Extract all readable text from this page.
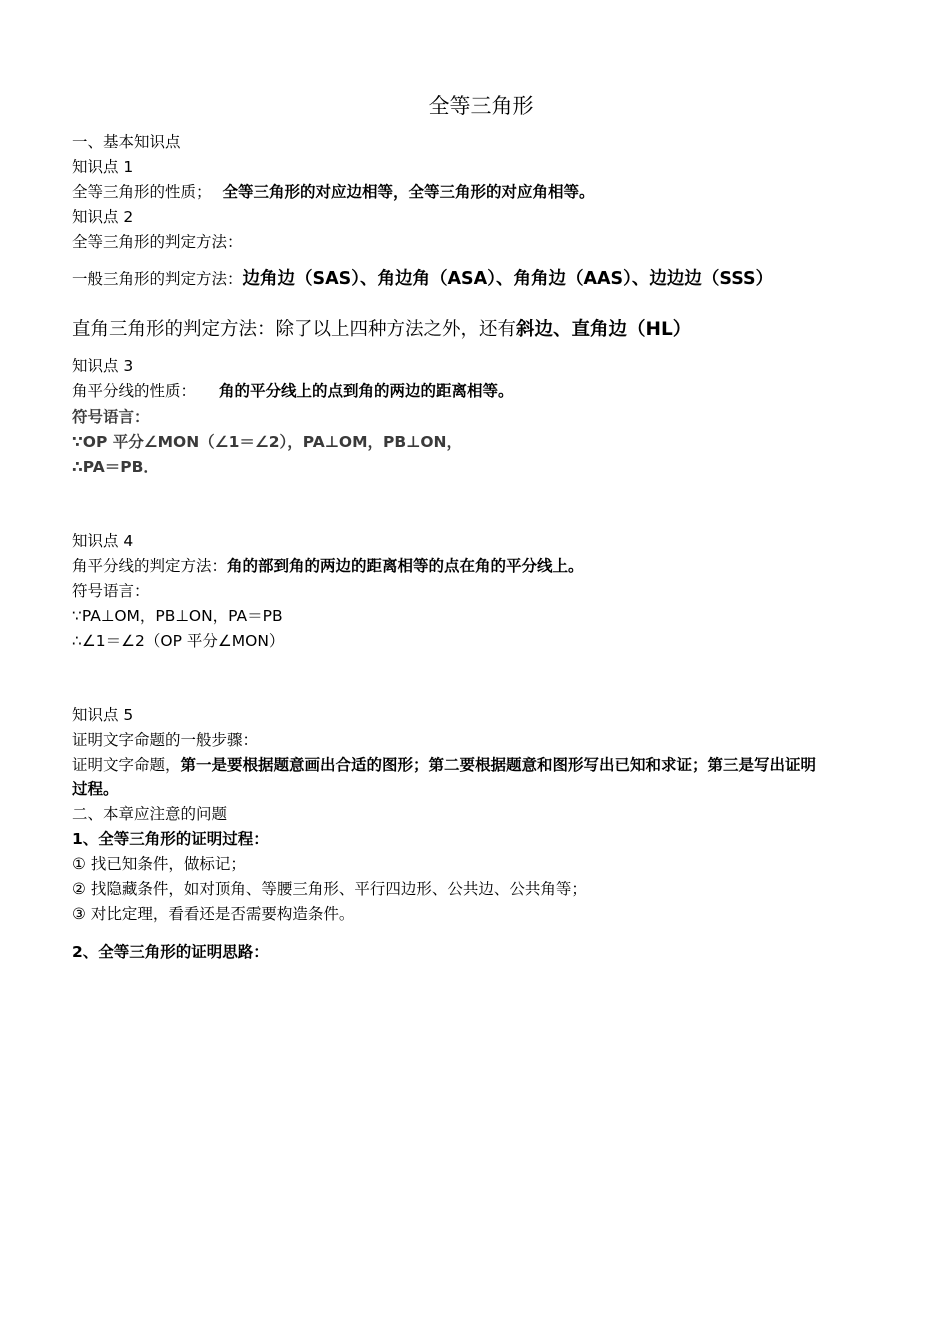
全等三角形
一、基本知识点
知识点 1
全等三角形的性质； 全等三角形的对应边相等，全等三角形的对应角相等。
知识点 2
全等三角形的判定方法：
一般三角形的判定方法：边角边（SAS）、角边角（ASA）、角角边（AAS）、边边边（SSS）
直角三角形的判定方法：除了以上四种方法之外，还有斜边、直角边（HL）
知识点 3
角平分线的性质： 角的平分线上的点到角的两边的距离相等。
符号语言：
∵OP 平分∠MON（∠1＝∠2），PA⊥OM，PB⊥ON，
∴PA＝PB．
知识点 4
角平分线的判定方法：角的部到角的两边的距离相等的点在角的平分线上。
符号语言：
∵PA⊥OM，PB⊥ON，PA＝PB
∴∠1＝∠2（OP 平分∠MON）
知识点 5
证明文字命题的一般步骤：
证明文字命题，第一是要根据题意画出合适的图形；第二要根据题意和图形写出已知和求证；第三是写出证明
过程。
二、本章应注意的问题
1、全等三角形的证明过程：
① 找已知条件，做标记；
② 找隐藏条件，如对顶角、等腰三角形、平行四边形、公共边、公共角等；
③ 对比定理，看看还是否需要构造条件。
2、全等三角形的证明思路：
